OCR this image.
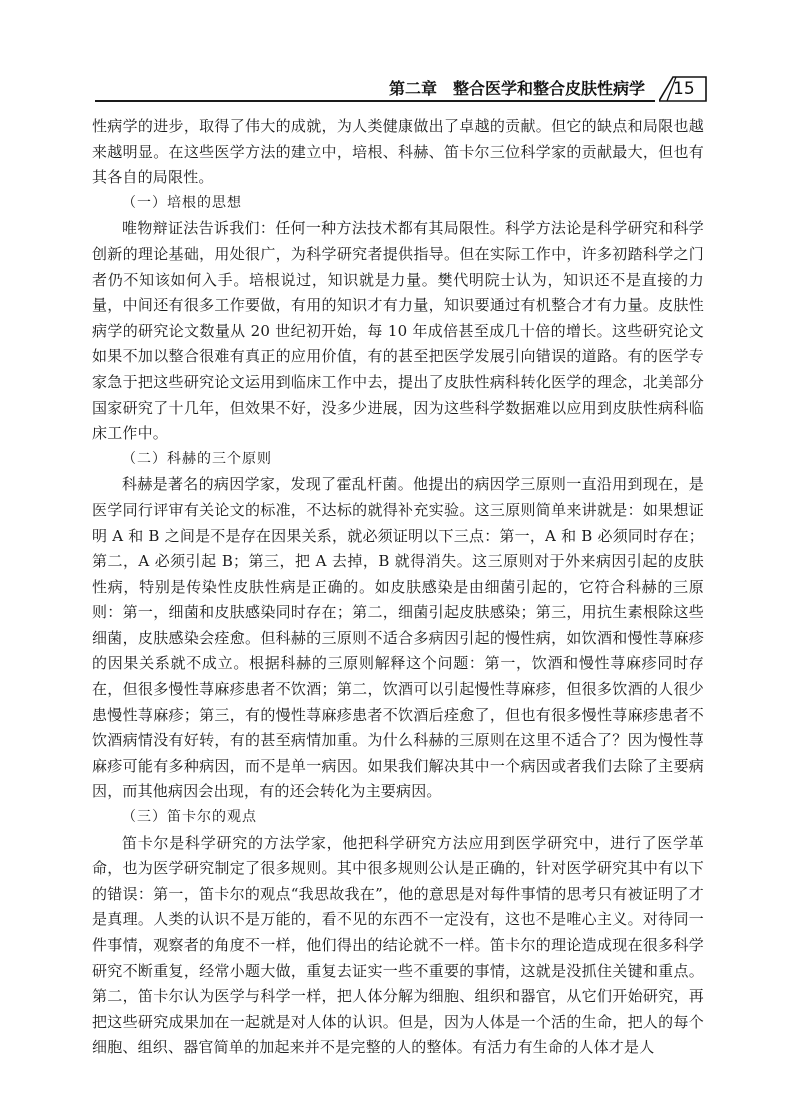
第二章　整合医学和整合皮肤性病学 15

性病学的进步，取得了伟大的成就，为人类健康做出了卓越的贡献。但它的缺点和局限也越来越明显。在这些医学方法的建立中，培根、科赫、笛卡尔三位科学家的贡献最大，但也有其各自的局限性。

（一）培根的思想

唯物辩证法告诉我们：任何一种方法技术都有其局限性。科学方法论是科学研究和科学创新的理论基础，用处很广，为科学研究者提供指导。但在实际工作中，许多初踏科学之门者仍不知该如何入手。培根说过，知识就是力量。樊代明院士认为，知识还不是直接的力量，中间还有很多工作要做，有用的知识才有力量，知识要通过有机整合才有力量。皮肤性病学的研究论文数量从 20 世纪初开始，每 10 年成倍甚至成几十倍的增长。这些研究论文如果不加以整合很难有真正的应用价值，有的甚至把医学发展引向错误的道路。有的医学专家急于把这些研究论文运用到临床工作中去，提出了皮肤性病科转化医学的理念，北美部分国家研究了十几年，但效果不好，没多少进展，因为这些科学数据难以应用到皮肤性病科临床工作中。

（二）科赫的三个原则

科赫是著名的病因学家，发现了霍乱杆菌。他提出的病因学三原则一直沿用到现在，是医学同行评审有关论文的标准，不达标的就得补充实验。这三原则简单来讲就是：如果想证明 A 和 B 之间是不是存在因果关系，就必须证明以下三点：第一，A 和 B 必须同时存在；第二，A 必须引起 B；第三，把 A 去掉，B 就得消失。这三原则对于外来病因引起的皮肤性病，特别是传染性皮肤性病是正确的。如皮肤感染是由细菌引起的，它符合科赫的三原则：第一，细菌和皮肤感染同时存在；第二，细菌引起皮肤感染；第三，用抗生素根除这些细菌，皮肤感染会痊愈。但科赫的三原则不适合多病因引起的慢性病，如饮酒和慢性荨麻疹的因果关系就不成立。根据科赫的三原则解释这个问题：第一，饮酒和慢性荨麻疹同时存在，但很多慢性荨麻疹患者不饮酒；第二，饮酒可以引起慢性荨麻疹，但很多饮酒的人很少患慢性荨麻疹；第三，有的慢性荨麻疹患者不饮酒后痊愈了，但也有很多慢性荨麻疹患者不饮酒病情没有好转，有的甚至病情加重。为什么科赫的三原则在这里不适合了？因为慢性荨麻疹可能有多种病因，而不是单一病因。如果我们解决其中一个病因或者我们去除了主要病因，而其他病因会出现，有的还会转化为主要病因。

（三）笛卡尔的观点

笛卡尔是科学研究的方法学家，他把科学研究方法应用到医学研究中，进行了医学革命，也为医学研究制定了很多规则。其中很多规则公认是正确的，针对医学研究其中有以下的错误：第一，笛卡尔的观点“我思故我在”，他的意思是对每件事情的思考只有被证明了才是真理。人类的认识不是万能的，看不见的东西不一定没有，这也不是唯心主义。对待同一件事情，观察者的角度不一样，他们得出的结论就不一样。笛卡尔的理论造成现在很多科学研究不断重复，经常小题大做，重复去证实一些不重要的事情，这就是没抓住关键和重点。第二，笛卡尔认为医学与科学一样，把人体分解为细胞、组织和器官，从它们开始研究，再把这些研究成果加在一起就是对人体的认识。但是，因为人体是一个活的生命，把人的每个细胞、组织、器官简单的加起来并不是完整的人的整体。有活力有生命的人体才是人
